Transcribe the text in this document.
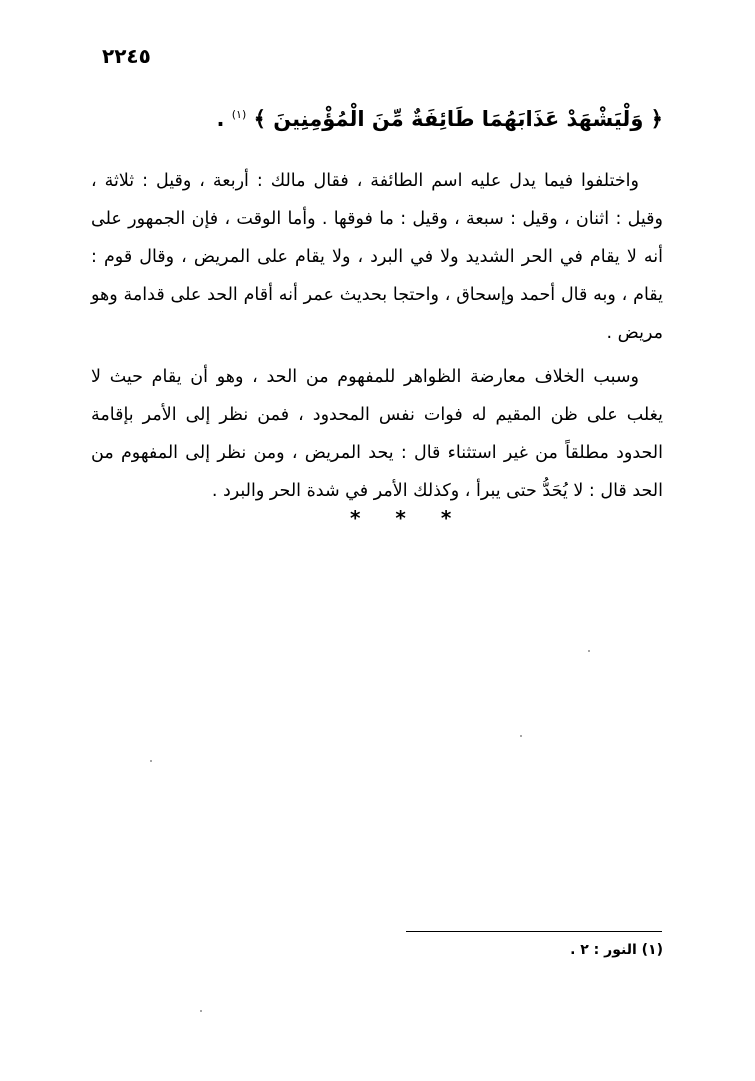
٢٢٤٥
﴿ وَلْيَشْهَدْ عَذَابَهُمَا طَائِفَةٌ مِّنَ الْمُؤْمِنِينَ ﴾ $^{(١)}$ .

واختلفوا فيما يدل عليه اسم الطائفة ، فقال مالك : أربعة ، وقيل : ثلاثة ، وقيل : اثنان ، وقيل : سبعة ، وقيل : ما فوقها . وأما الوقت ، فإن الجمهور على أنه لا يقام في الحر الشديد ولا في البرد ، ولا يقام على المريض ، وقال قوم : يقام ، وبه قال أحمد وإسحاق ، واحتجا بحديث عمر أنه أقام الحد على قدامة وهو مريض .

وسبب الخلاف معارضة الظواهر للمفهوم من الحد ، وهو أن يقام حيث لا يغلب على ظن المقيم له فوات نفس المحدود ، فمن نظر إلى الأمر بإقامة الحدود مطلقاً من غير استثناء قال : يحد المريض ، ومن نظر إلى المفهوم من الحد قال : لا يُحَدُّ حتى يبرأ ، وكذلك الأمر في شدة الحر والبرد .

* * *
(١) النور : ٢ .
